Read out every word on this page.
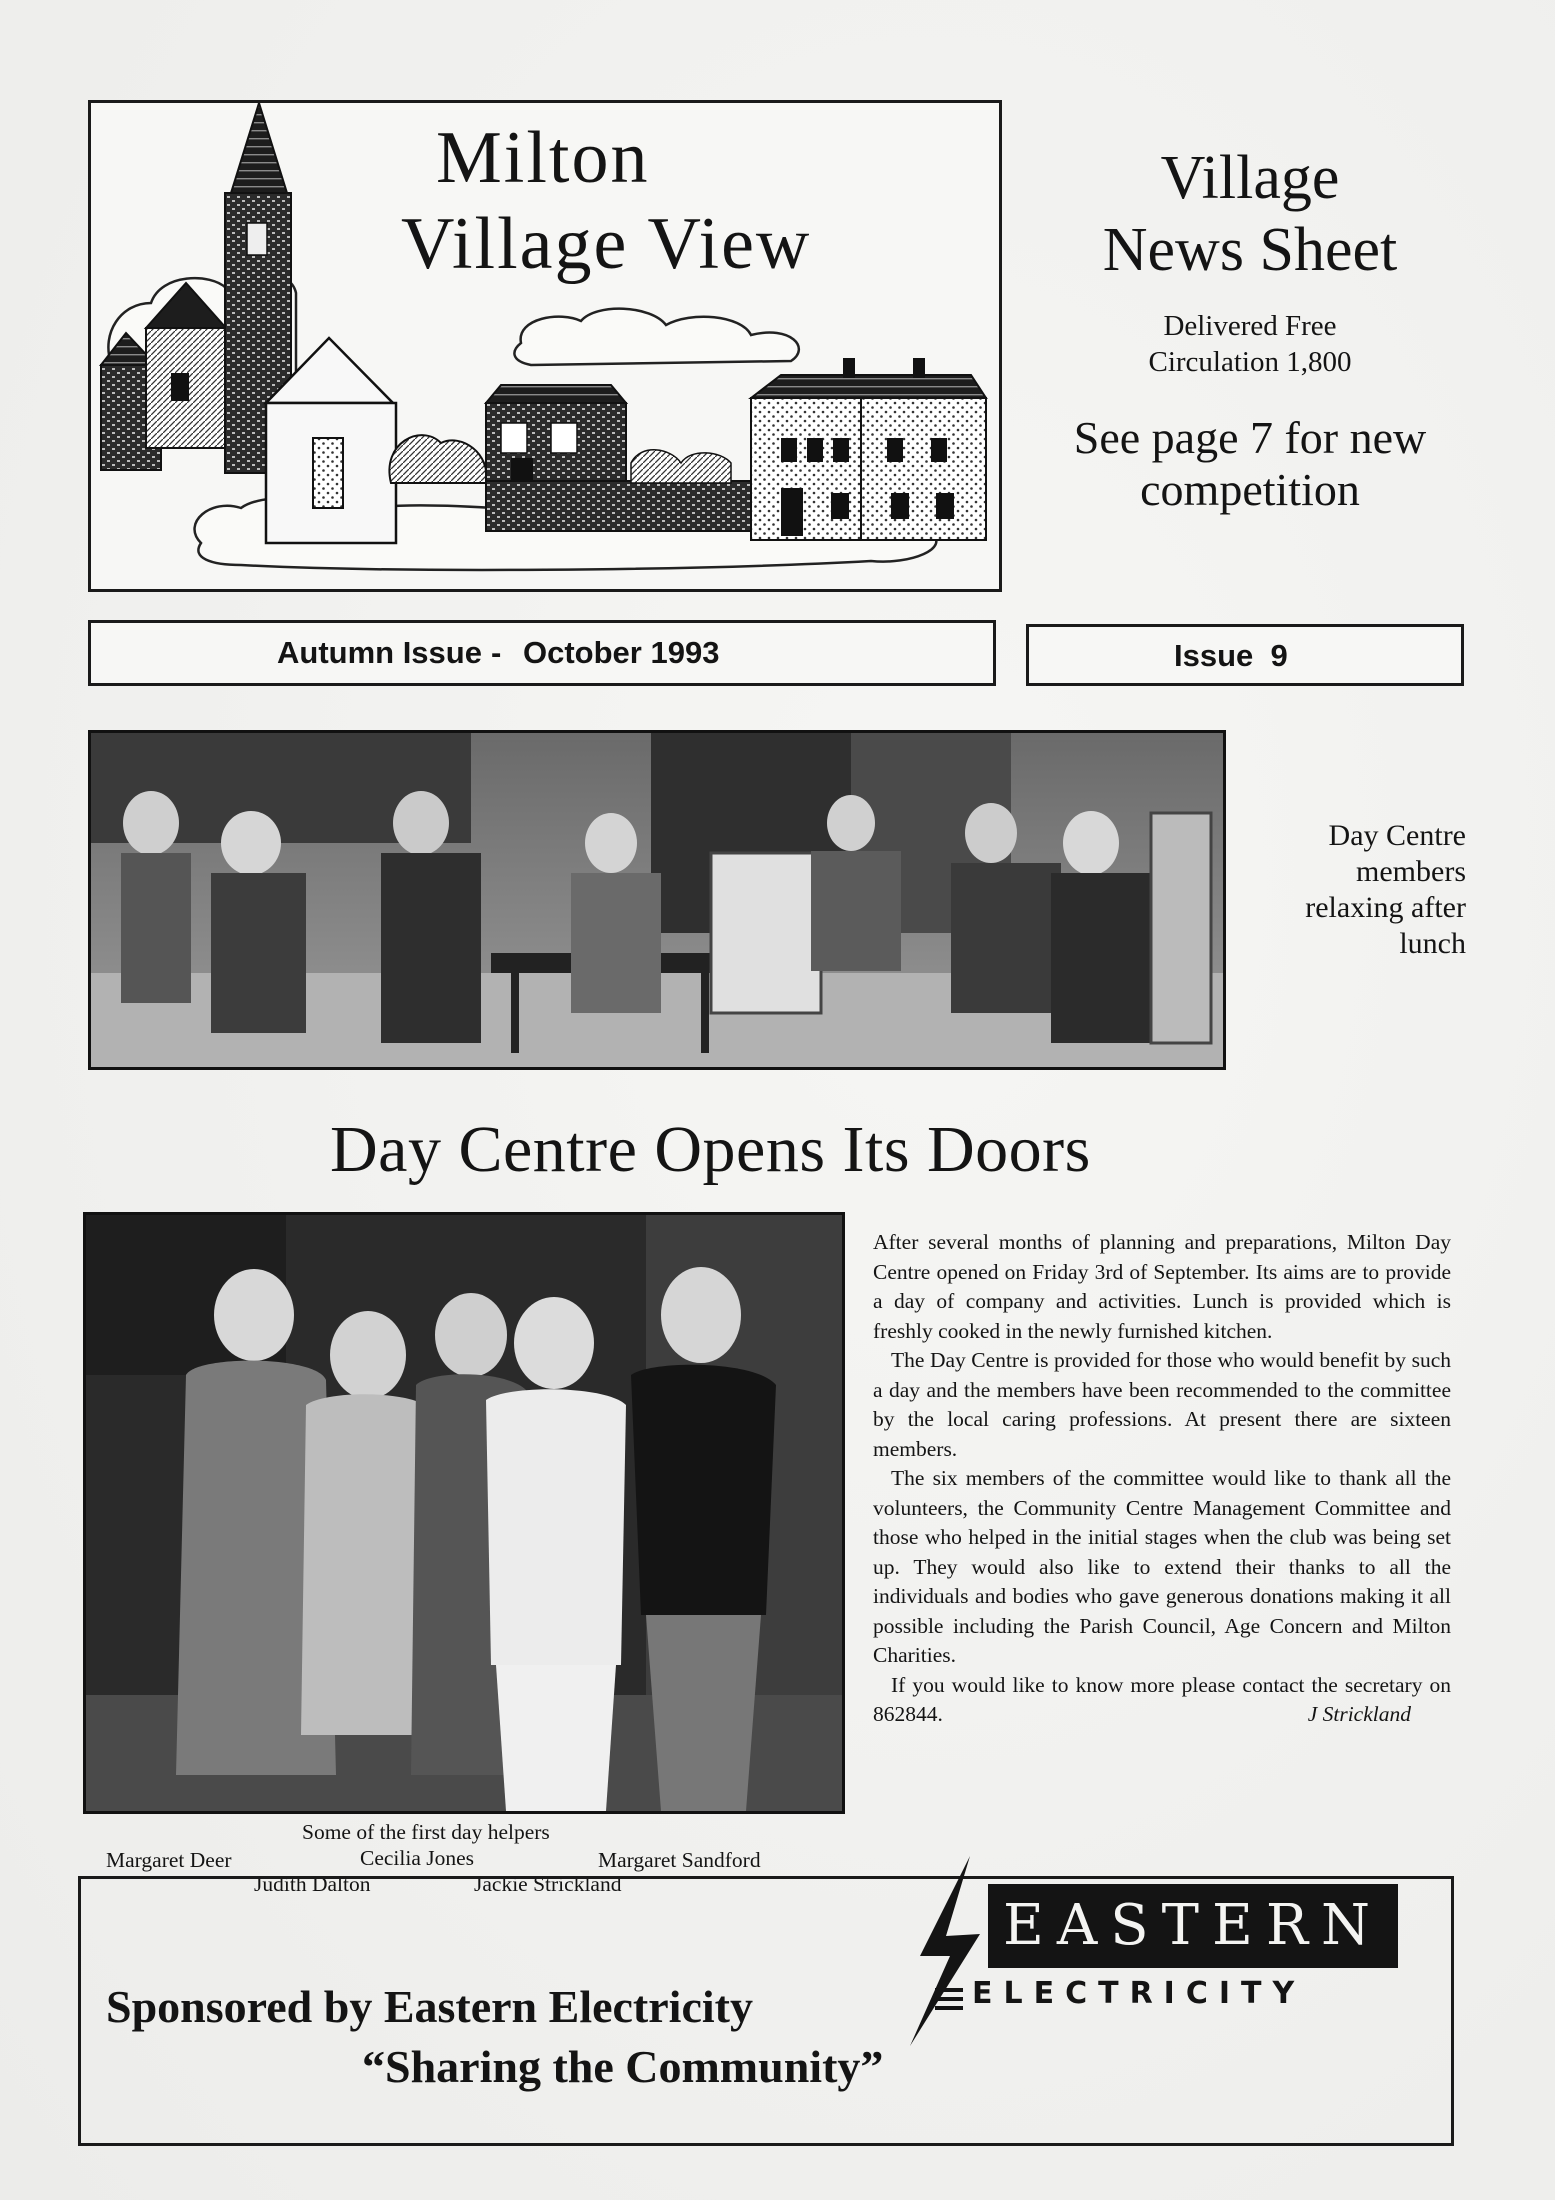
Milton
Village View
Village
News Sheet
Delivered Free
Circulation 1,800
See page 7 for new
competition
Autumn Issue - October 1993	Issue  9
Day Centre
members
relaxing after
lunch
Day Centre Opens Its Doors

After several months of planning and preparations, Milton Day Centre opened on Friday 3rd of September. Its aims are to provide a day of company and activities. Lunch is provided which is freshly cooked in the newly furnished kitchen.

The Day Centre is provided for those who would benefit by such a day and the members have been recommended to the committee by the local caring professions. At present there are sixteen members.

The six members of the committee would like to thank all the volunteers, the Community Centre Management Committee and those who helped in the initial stages when the club was being set up. They would also like to extend their thanks to all the individuals and bodies who gave generous donations making it all possible including the Parish Council, Age Concern and Milton Charities.

If you would like to know more please contact the secretary on 862844.	J Strickland

Some of the first day helpers
Margaret Deer	Cecilia Jones	Margaret Sandford
Judith Dalton	Jackie Strickland
Sponsored by Eastern Electricity
“Sharing the Community”
EASTERN
ELECTRICITY
